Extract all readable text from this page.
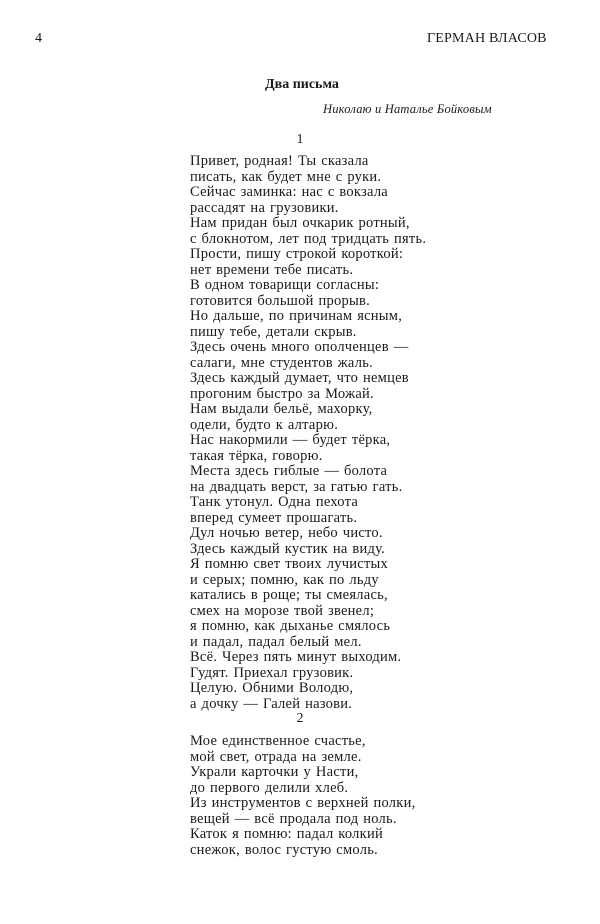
4	ГЕРМАН ВЛАСОВ
Два письма
Николаю и Наталье Бойковым
1
Привет, родная! Ты сказала
писать, как будет мне с руки.
Сейчас заминка: нас с вокзала
рассадят на грузовики.
Нам придан был очкарик ротный,
с блокнотом, лет под тридцать пять.
Прости, пишу строкой короткой:
нет времени тебе писать.
В одном товарищи согласны:
готовится большой прорыв.
Но дальше, по причинам ясным,
пишу тебе, детали скрыв.
Здесь очень много ополченцев —
салаги, мне студентов жаль.
Здесь каждый думает, что немцев
прогоним быстро за Можай.
Нам выдали бельё, махорку,
одели, будто к алтарю.
Нас накормили — будет тёрка,
такая тёрка, говорю.
Места здесь гиблые — болота
на двадцать верст, за гатью гать.
Танк утонул. Одна пехота
вперед сумеет прошагать.
Дул ночью ветер, небо чисто.
Здесь каждый кустик на виду.
Я помню свет твоих лучистых
и серых; помню, как по льду
катались в роще; ты смеялась,
смех на морозе твой звенел;
я помню, как дыханье смялось
и падал, падал белый мел.
Всё. Через пять минут выходим.
Гудят. Приехал грузовик.
Целую. Обними Володю,
а дочку — Галей назови.
2
Мое единственное счастье,
мой свет, отрада на земле.
Украли карточки у Насти,
до первого делили хлеб.
Из инструментов с верхней полки,
вещей — всё продала под ноль.
Каток я помню: падал колкий
снежок, волос густую смоль.
